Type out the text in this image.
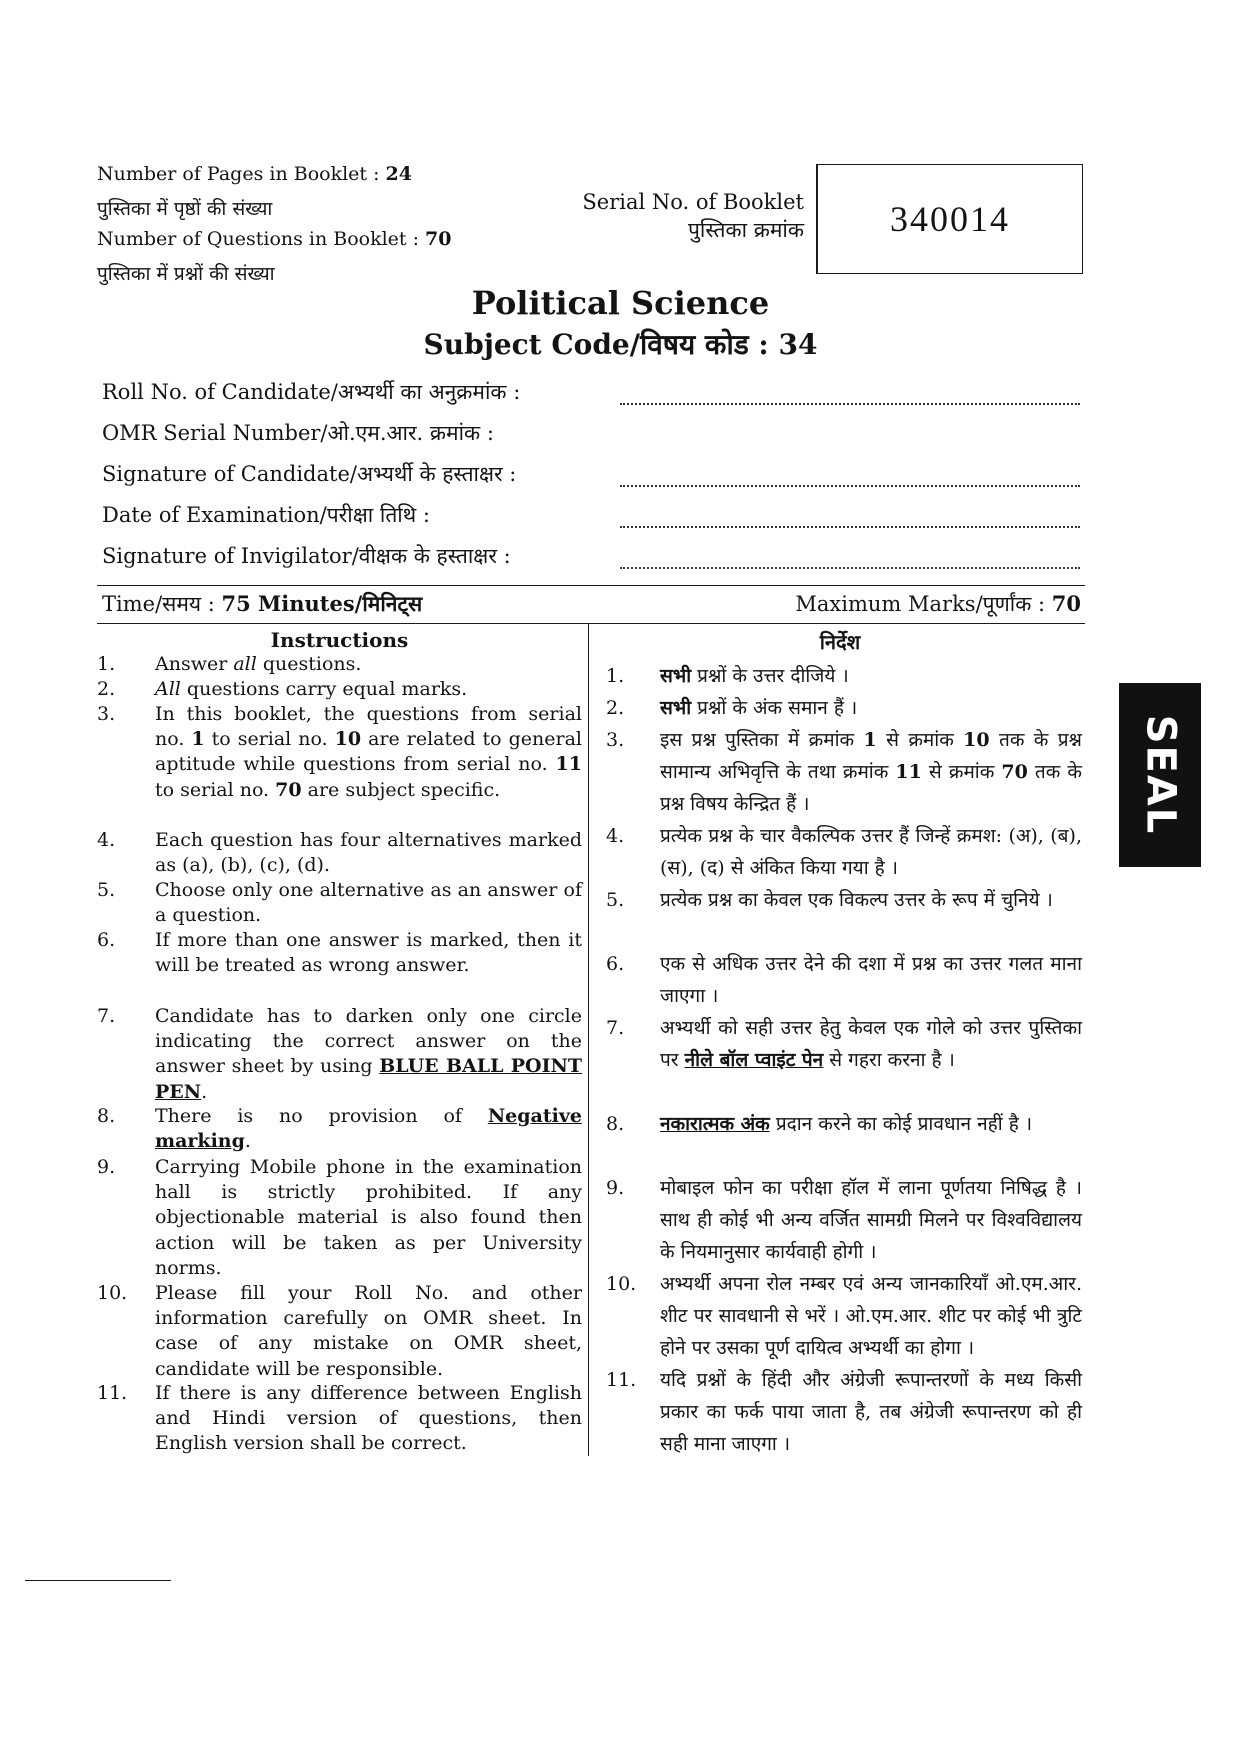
Number of Pages in Booklet : 24
पुस्तिका में पृष्ठों की संख्या
Number of Questions in Booklet : 70
पुस्तिका में प्रश्नों की संख्या
Serial No. of Booklet
पुस्तिका क्रमांक 340014
Political Science
Subject Code/विषय कोड : 34
Roll No. of Candidate/अभ्यर्थी का अनुक्रमांक :
OMR Serial Number/ओ.एम.आर. क्रमांक :
Signature of Candidate/अभ्यर्थी के हस्ताक्षर :
Date of Examination/परीक्षा तिथि :
Signature of Invigilator/वीक्षक के हस्ताक्षर :
Time/समय : 75 Minutes/मिनिट्स	Maximum Marks/पूर्णांक : 70
Instructions
1. Answer all questions.
2. All questions carry equal marks.
3. In this booklet, the questions from serial no. 1 to serial no. 10 are related to general aptitude while questions from serial no. 11 to serial no. 70 are subject specific.
4. Each question has four alternatives marked as (a), (b), (c), (d).
5. Choose only one alternative as an answer of a question.
6. If more than one answer is marked, then it will be treated as wrong answer.
7. Candidate has to darken only one circle indicating the correct answer on the answer sheet by using BLUE BALL POINT PEN.
8. There is no provision of Negative marking.
9. Carrying Mobile phone in the examination hall is strictly prohibited. If any objectionable material is also found then action will be taken as per University norms.
10. Please fill your Roll No. and other information carefully on OMR sheet. In case of any mistake on OMR sheet, candidate will be responsible.
11. If there is any difference between English and Hindi version of questions, then English version shall be correct.
निर्देश
1. सभी प्रश्नों के उत्तर दीजिये ।
2. सभी प्रश्नों के अंक समान हैं ।
3. इस प्रश्न पुस्तिका में क्रमांक 1 से क्रमांक 10 तक के प्रश्न सामान्य अभिवृत्ति के तथा क्रमांक 11 से क्रमांक 70 तक के प्रश्न विषय केन्द्रित हैं ।
4. प्रत्येक प्रश्न के चार वैकल्पिक उत्तर हैं जिन्हें क्रमश: (अ), (ब), (स), (द) से अंकित किया गया है ।
5. प्रत्येक प्रश्न का केवल एक विकल्प उत्तर के रूप में चुनिये ।
6. एक से अधिक उत्तर देने की दशा में प्रश्न का उत्तर गलत माना जाएगा ।
7. अभ्यर्थी को सही उत्तर हेतु केवल एक गोले को उत्तर पुस्तिका पर नीले बॉल प्वाइंट पेन से गहरा करना है ।
8. नकारात्मक अंक प्रदान करने का कोई प्रावधान नहीं है ।
9. मोबाइल फोन का परीक्षा हॉल में लाना पूर्णतया निषिद्ध है । साथ ही कोई भी अन्य वर्जित सामग्री मिलने पर विश्वविद्यालय के नियमानुसार कार्यवाही होगी ।
10. अभ्यर्थी अपना रोल नम्बर एवं अन्य जानकारियाँ ओ.एम.आर. शीट पर सावधानी से भरें । ओ.एम.आर. शीट पर कोई भी त्रुटि होने पर उसका पूर्ण दायित्व अभ्यर्थी का होगा ।
11. यदि प्रश्नों के हिंदी और अंग्रेजी रूपान्तरणों के मध्य किसी प्रकार का फर्क पाया जाता है, तब अंग्रेजी रूपान्तरण को ही सही माना जाएगा ।
SEAL
